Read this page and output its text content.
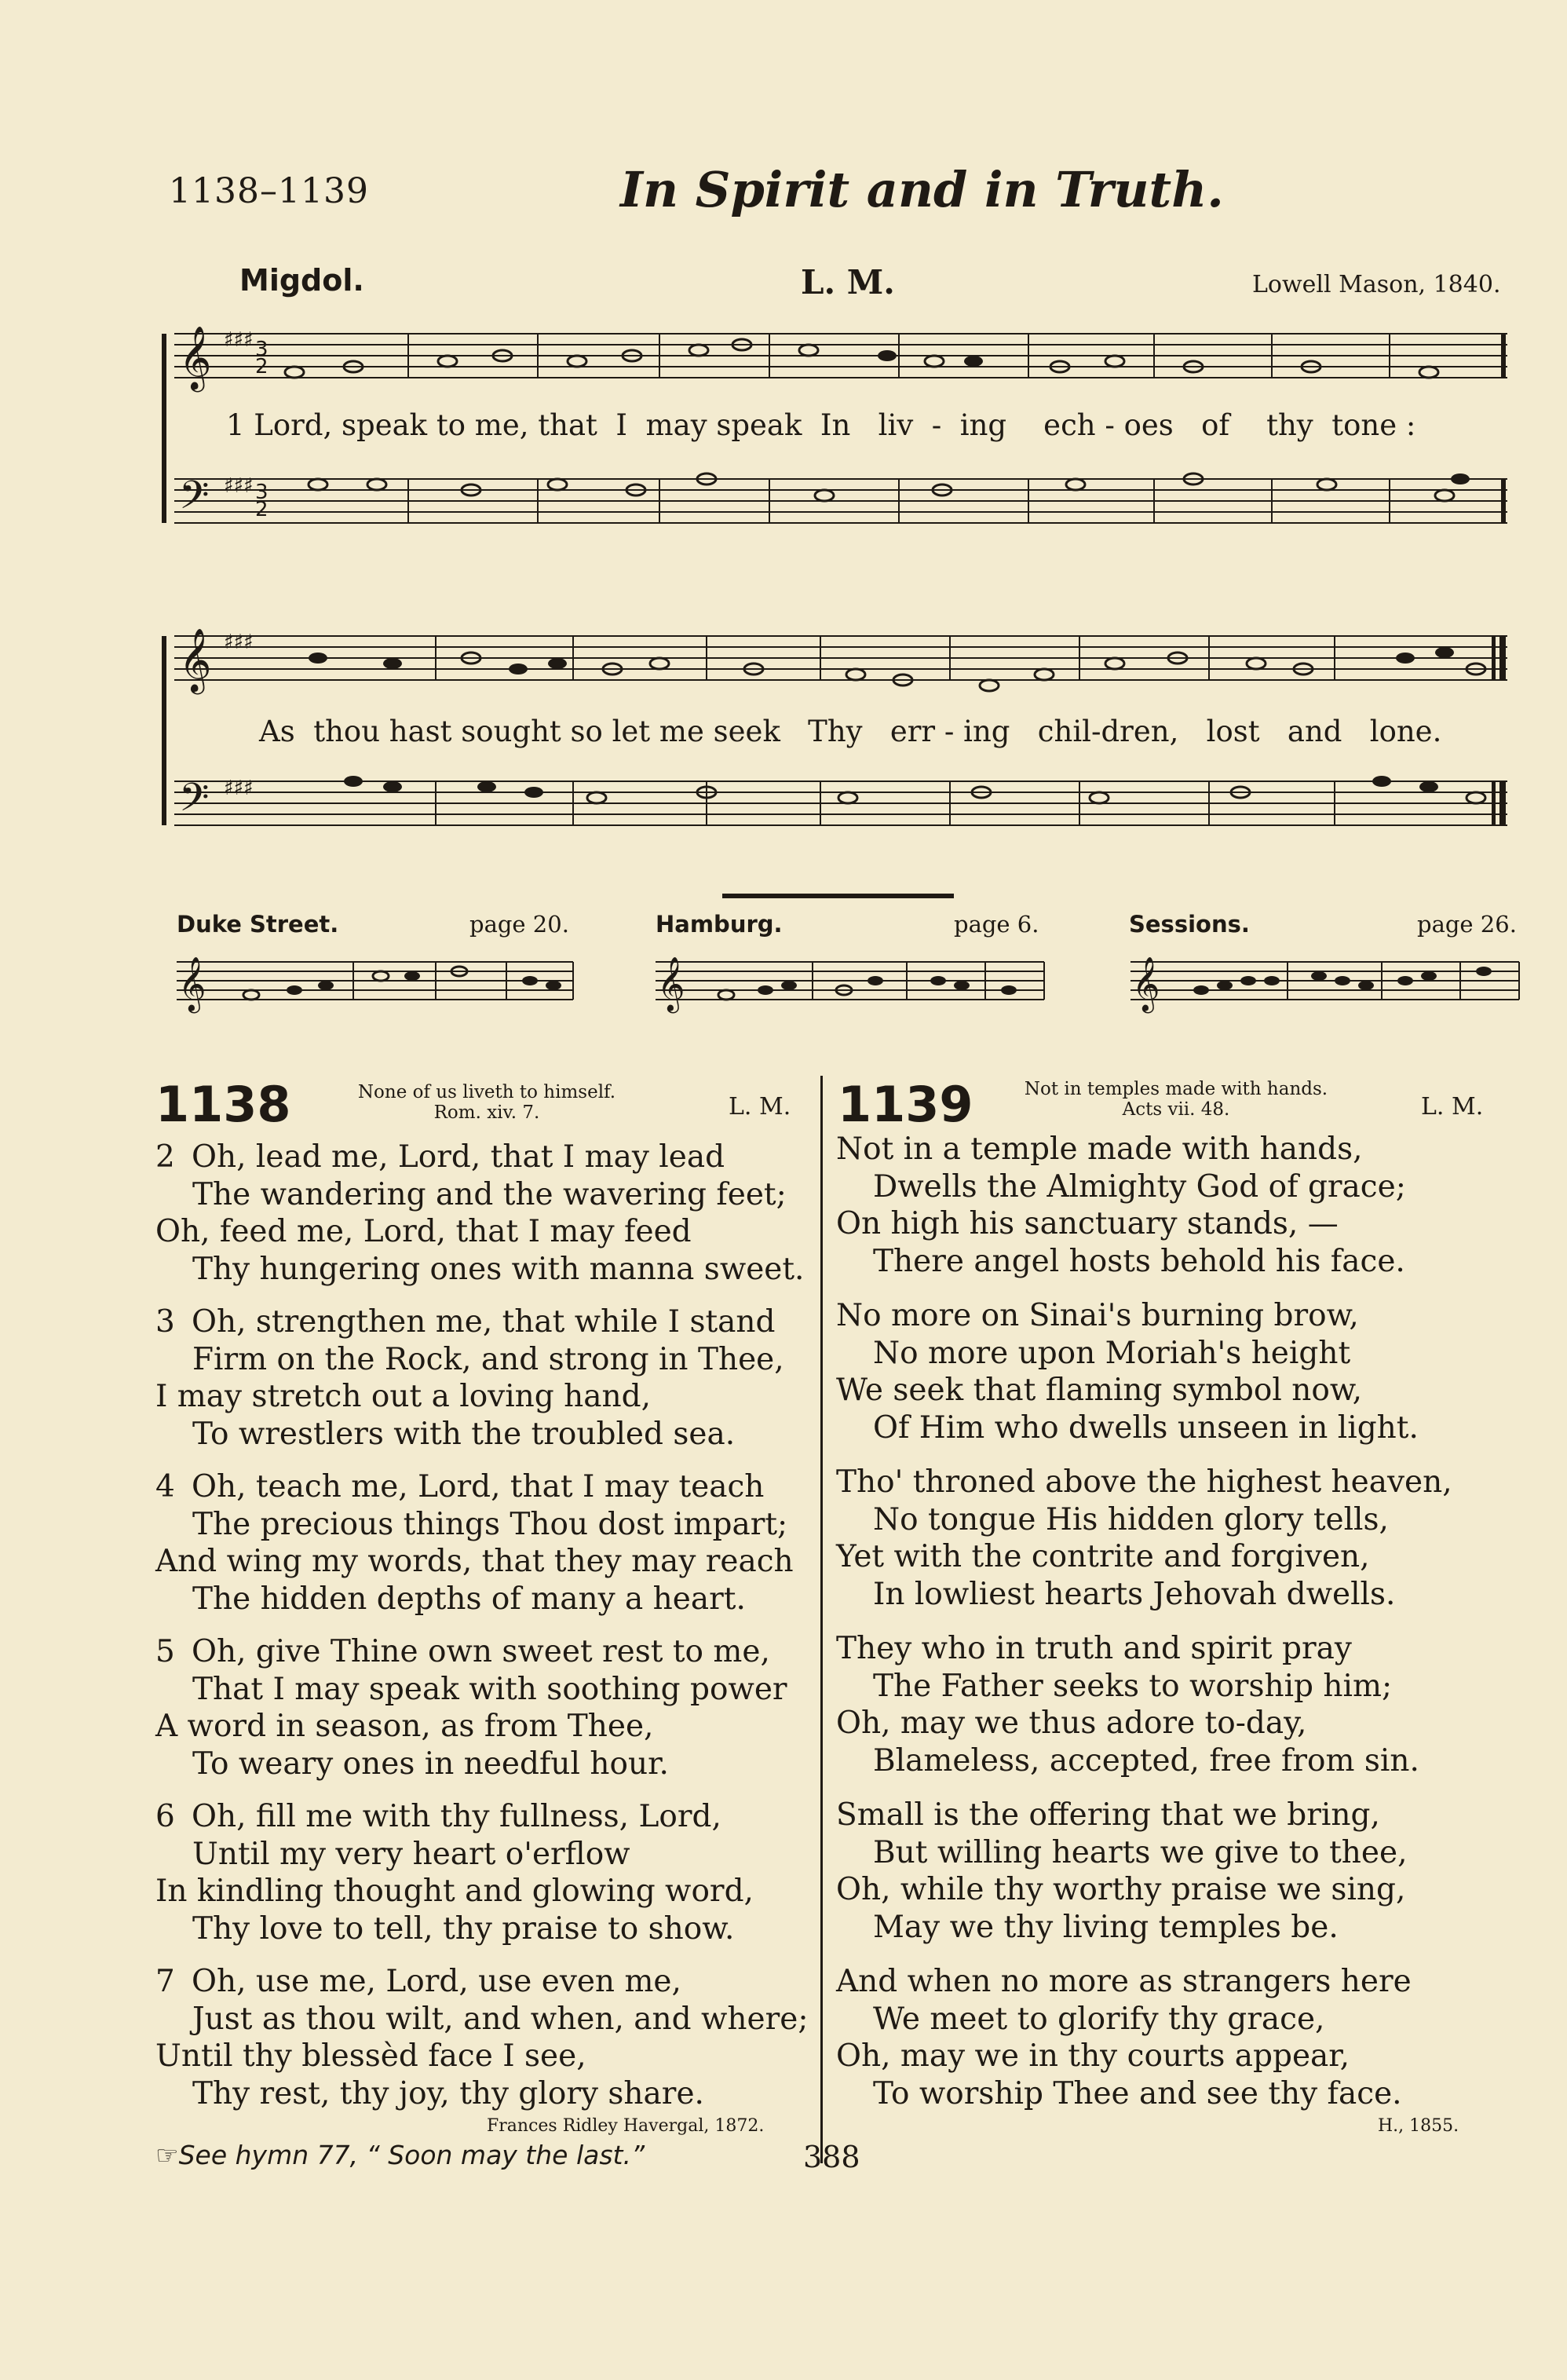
1138–1139	In Spirit and in Truth.
Migdol.	L. M.	Lowell Mason, 1840.
𝄞
𝄢
♯♯♯
♯♯♯
3
2
3
2
1 Lord, speak to me, that  I  may speak  In   liv  -  ing    ech - oes   of    thy  tone :
𝄞
𝄢
♯♯♯
♯♯♯
As  thou hast sought so let me seek   Thy   err - ing   chil-dren,   lost   and   lone.
Duke Street.	page 20.	Hamburg.	page 6.	Sessions.	page 26.
𝄞	𝄞	𝄞
1138	None of us liveth to himself.
Rom. xiv. 7.	L. M. 1139	Not in temples made with hands.
Acts vii. 48.	L. M.
2 Oh, lead me, Lord, that I may lead
The wandering and the wavering feet;
Oh, feed me, Lord, that I may feed
Thy hungering ones with manna sweet.
3 Oh, strengthen me, that while I stand
Firm on the Rock, and strong in Thee,
I may stretch out a loving hand,
To wrestlers with the troubled sea.
4 Oh, teach me, Lord, that I may teach
The precious things Thou dost impart;
And wing my words, that they may reach
The hidden depths of many a heart.
5 Oh, give Thine own sweet rest to me,
That I may speak with soothing power
A word in season, as from Thee,
To weary ones in needful hour.
6 Oh, fill me with thy fullness, Lord,
Until my very heart o'erflow
In kindling thought and glowing word,
Thy love to tell, thy praise to show.
7 Oh, use me, Lord, use even me,
Just as thou wilt, and when, and where;
Until thy blessèd face I see,
Thy rest, thy joy, thy glory share.
Frances Ridley Havergal, 1872.
Not in a temple made with hands,
Dwells the Almighty God of grace;
On high his sanctuary stands, —
There angel hosts behold his face.
No more on Sinai's burning brow,
No more upon Moriah's height
We seek that flaming symbol now,
Of Him who dwells unseen in light.
Tho' throned above the highest heaven,
No tongue His hidden glory tells,
Yet with the contrite and forgiven,
In lowliest hearts Jehovah dwells.
They who in truth and spirit pray
The Father seeks to worship him;
Oh, may we thus adore to-day,
Blameless, accepted, free from sin.
Small is the offering that we bring,
But willing hearts we give to thee,
Oh, while thy worthy praise we sing,
May we thy living temples be.
And when no more as strangers here
We meet to glorify thy grace,
Oh, may we in thy courts appear,
To worship Thee and see thy face.
H., 1855.
☞See hymn 77, “ Soon may the last.”	388
